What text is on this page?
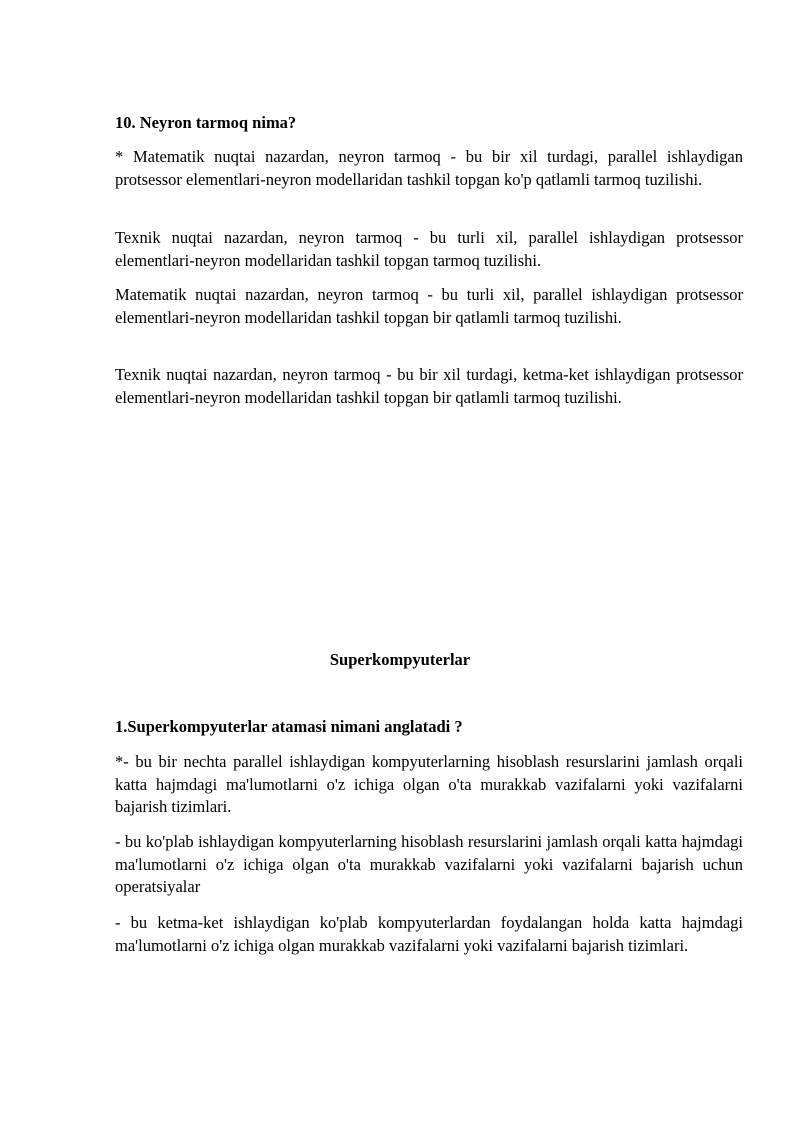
10. Neyron tarmoq nima?

* Matematik nuqtai nazardan, neyron tarmoq - bu bir xil turdagi, parallel ishlaydigan protsessor elementlari-neyron modellaridan tashkil topgan ko'p qatlamli tarmoq tuzilishi.

Texnik nuqtai nazardan, neyron tarmoq - bu turli xil, parallel ishlaydigan protsessor elementlari-neyron modellaridan tashkil topgan tarmoq tuzilishi.

Matematik nuqtai nazardan, neyron tarmoq - bu turli xil, parallel ishlaydigan protsessor elementlari-neyron modellaridan tashkil topgan bir qatlamli tarmoq tuzilishi.

Texnik nuqtai nazardan, neyron tarmoq - bu bir xil turdagi, ketma-ket ishlaydigan protsessor elementlari-neyron modellaridan tashkil topgan bir qatlamli tarmoq tuzilishi.

Superkompyuterlar

1.Superkompyuterlar atamasi nimani anglatadi ?

*- bu bir nechta parallel ishlaydigan kompyuterlarning hisoblash resurslarini jamlash orqali katta hajmdagi ma'lumotlarni o'z ichiga olgan o'ta murakkab vazifalarni yoki vazifalarni bajarish tizimlari.

- bu ko'plab ishlaydigan kompyuterlarning hisoblash resurslarini jamlash orqali katta hajmdagi ma'lumotlarni o'z ichiga olgan o'ta murakkab vazifalarni yoki vazifalarni bajarish uchun operatsiyalar

- bu ketma-ket ishlaydigan ko'plab kompyuterlardan foydalangan holda katta hajmdagi ma'lumotlarni o'z ichiga olgan murakkab vazifalarni yoki vazifalarni bajarish tizimlari.
